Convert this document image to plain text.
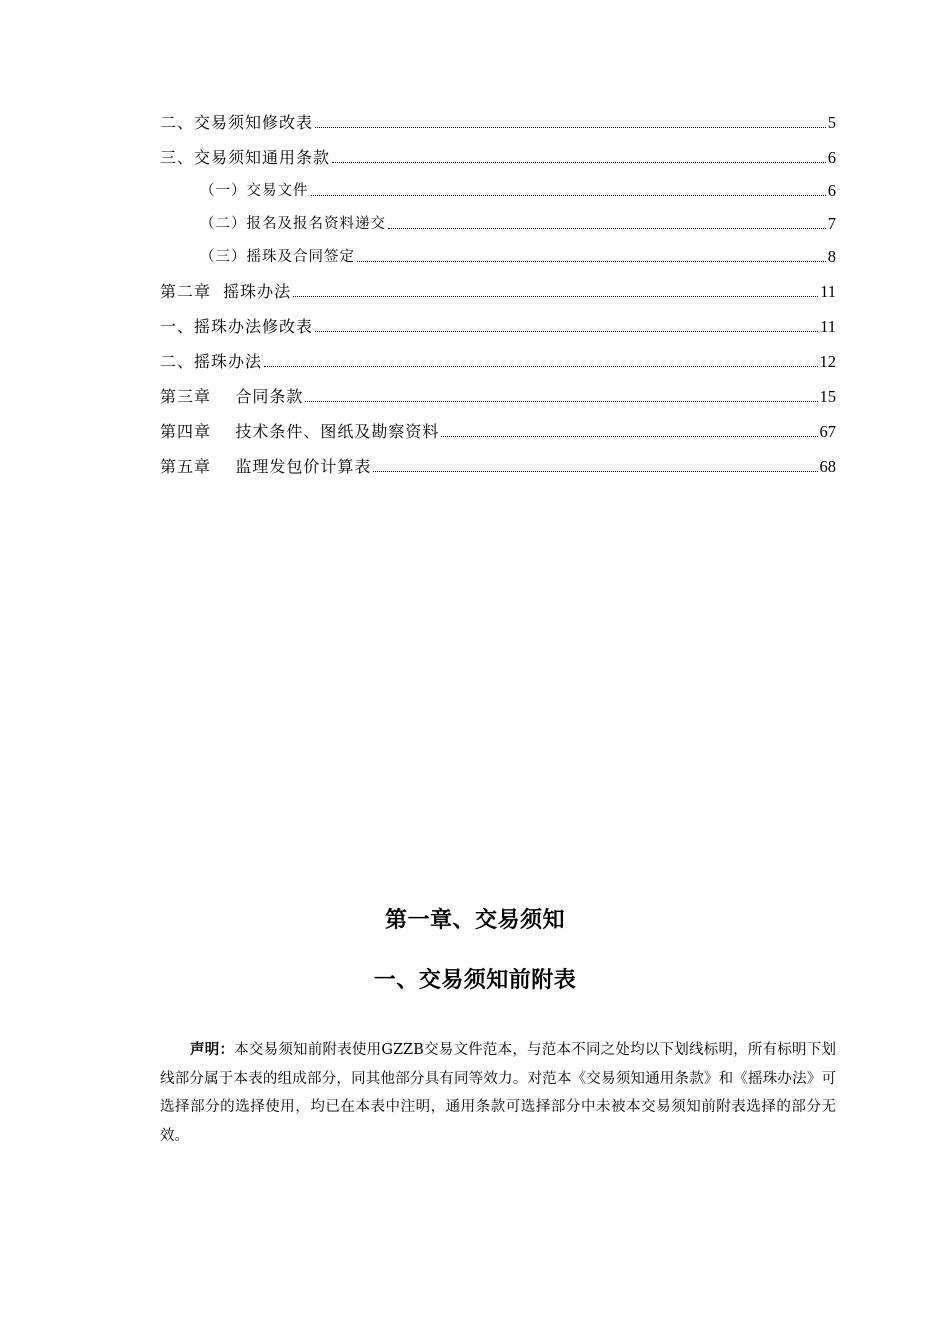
二、交易须知修改表	5
三、交易须知通用条款	6
（一）交易文件	6
（二）报名及报名资料递交	7
（三）摇珠及合同签定	8
第二章  摇珠办法	11
一、摇珠办法修改表	11
二、摇珠办法	12
第三章    合同条款	15
第四章    技术条件、图纸及勘察资料	67
第五章    监理发包价计算表	68
第一章、交易须知
一、交易须知前附表

声明：本交易须知前附表使用GZZB交易文件范本，与范本不同之处均以下划线标明，所有标明下划线部分属于本表的组成部分，同其他部分具有同等效力。对范本《交易须知通用条款》和《摇珠办法》可选择部分的选择使用，均已在本表中注明，通用条款可选择部分中未被本交易须知前附表选择的部分无效。
